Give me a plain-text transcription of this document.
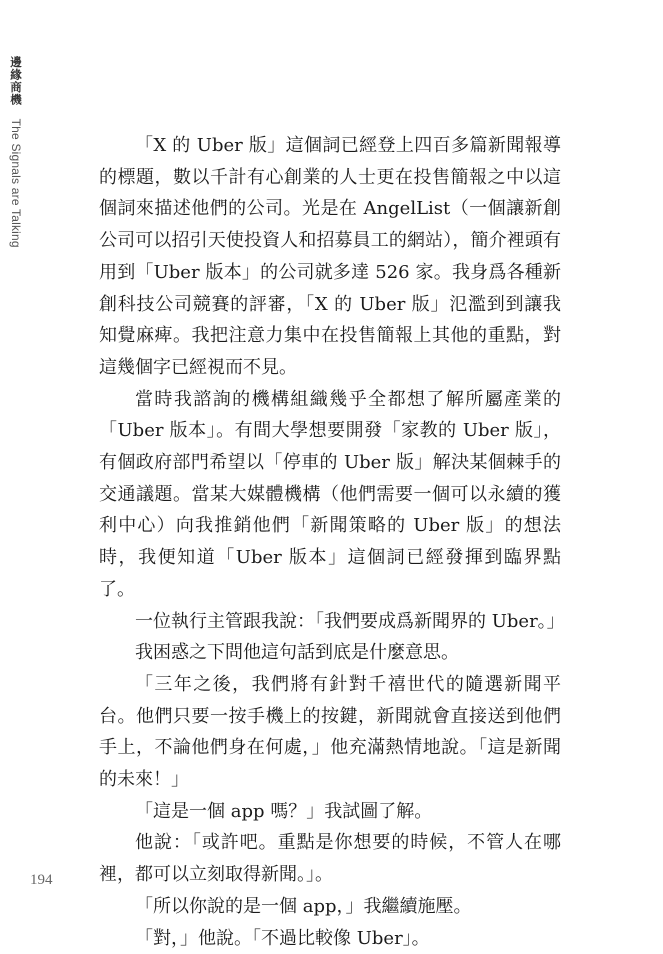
邊緣商機 The Signals are Talking	「X 的 Uber 版」這個詞已經登上四百多篇新聞報導的標題，數以千計有心創業的人士更在投售簡報之中以這個詞來描述他們的公司。光是在 AngelList（一個讓新創公司可以招引天使投資人和招募員工的網站），簡介裡頭有用到「Uber 版本」的公司就多達 526 家。我身爲各種新創科技公司競賽的評審，「X 的 Uber 版」氾濫到到讓我知覺麻痺。我把注意力集中在投售簡報上其他的重點，對這幾個字已經視而不見。

當時我諮詢的機構組織幾乎全都想了解所屬產業的「Uber 版本」。有間大學想要開發「家教的 Uber 版」，有個政府部門希望以「停車的 Uber 版」解決某個棘手的交通議題。當某大媒體機構（他們需要一個可以永續的獲利中心）向我推銷他們「新聞策略的 Uber 版」的想法時，我便知道「Uber 版本」這個詞已經發揮到臨界點了。

一位執行主管跟我說：「我們要成爲新聞界的 Uber。」

我困惑之下問他這句話到底是什麼意思。

「三年之後，我們將有針對千禧世代的隨選新聞平台。他們只要一按手機上的按鍵，新聞就會直接送到他們手上，不論他們身在何處，」他充滿熱情地說。「這是新聞的未來！」

「這是一個 app 嗎？」我試圖了解。

他說：「或許吧。重點是你想要的時候，不管人在哪裡，都可以立刻取得新聞。」。

「所以你說的是一個 app，」我繼續施壓。

「對，」他說。「不過比較像 Uber」。

194
